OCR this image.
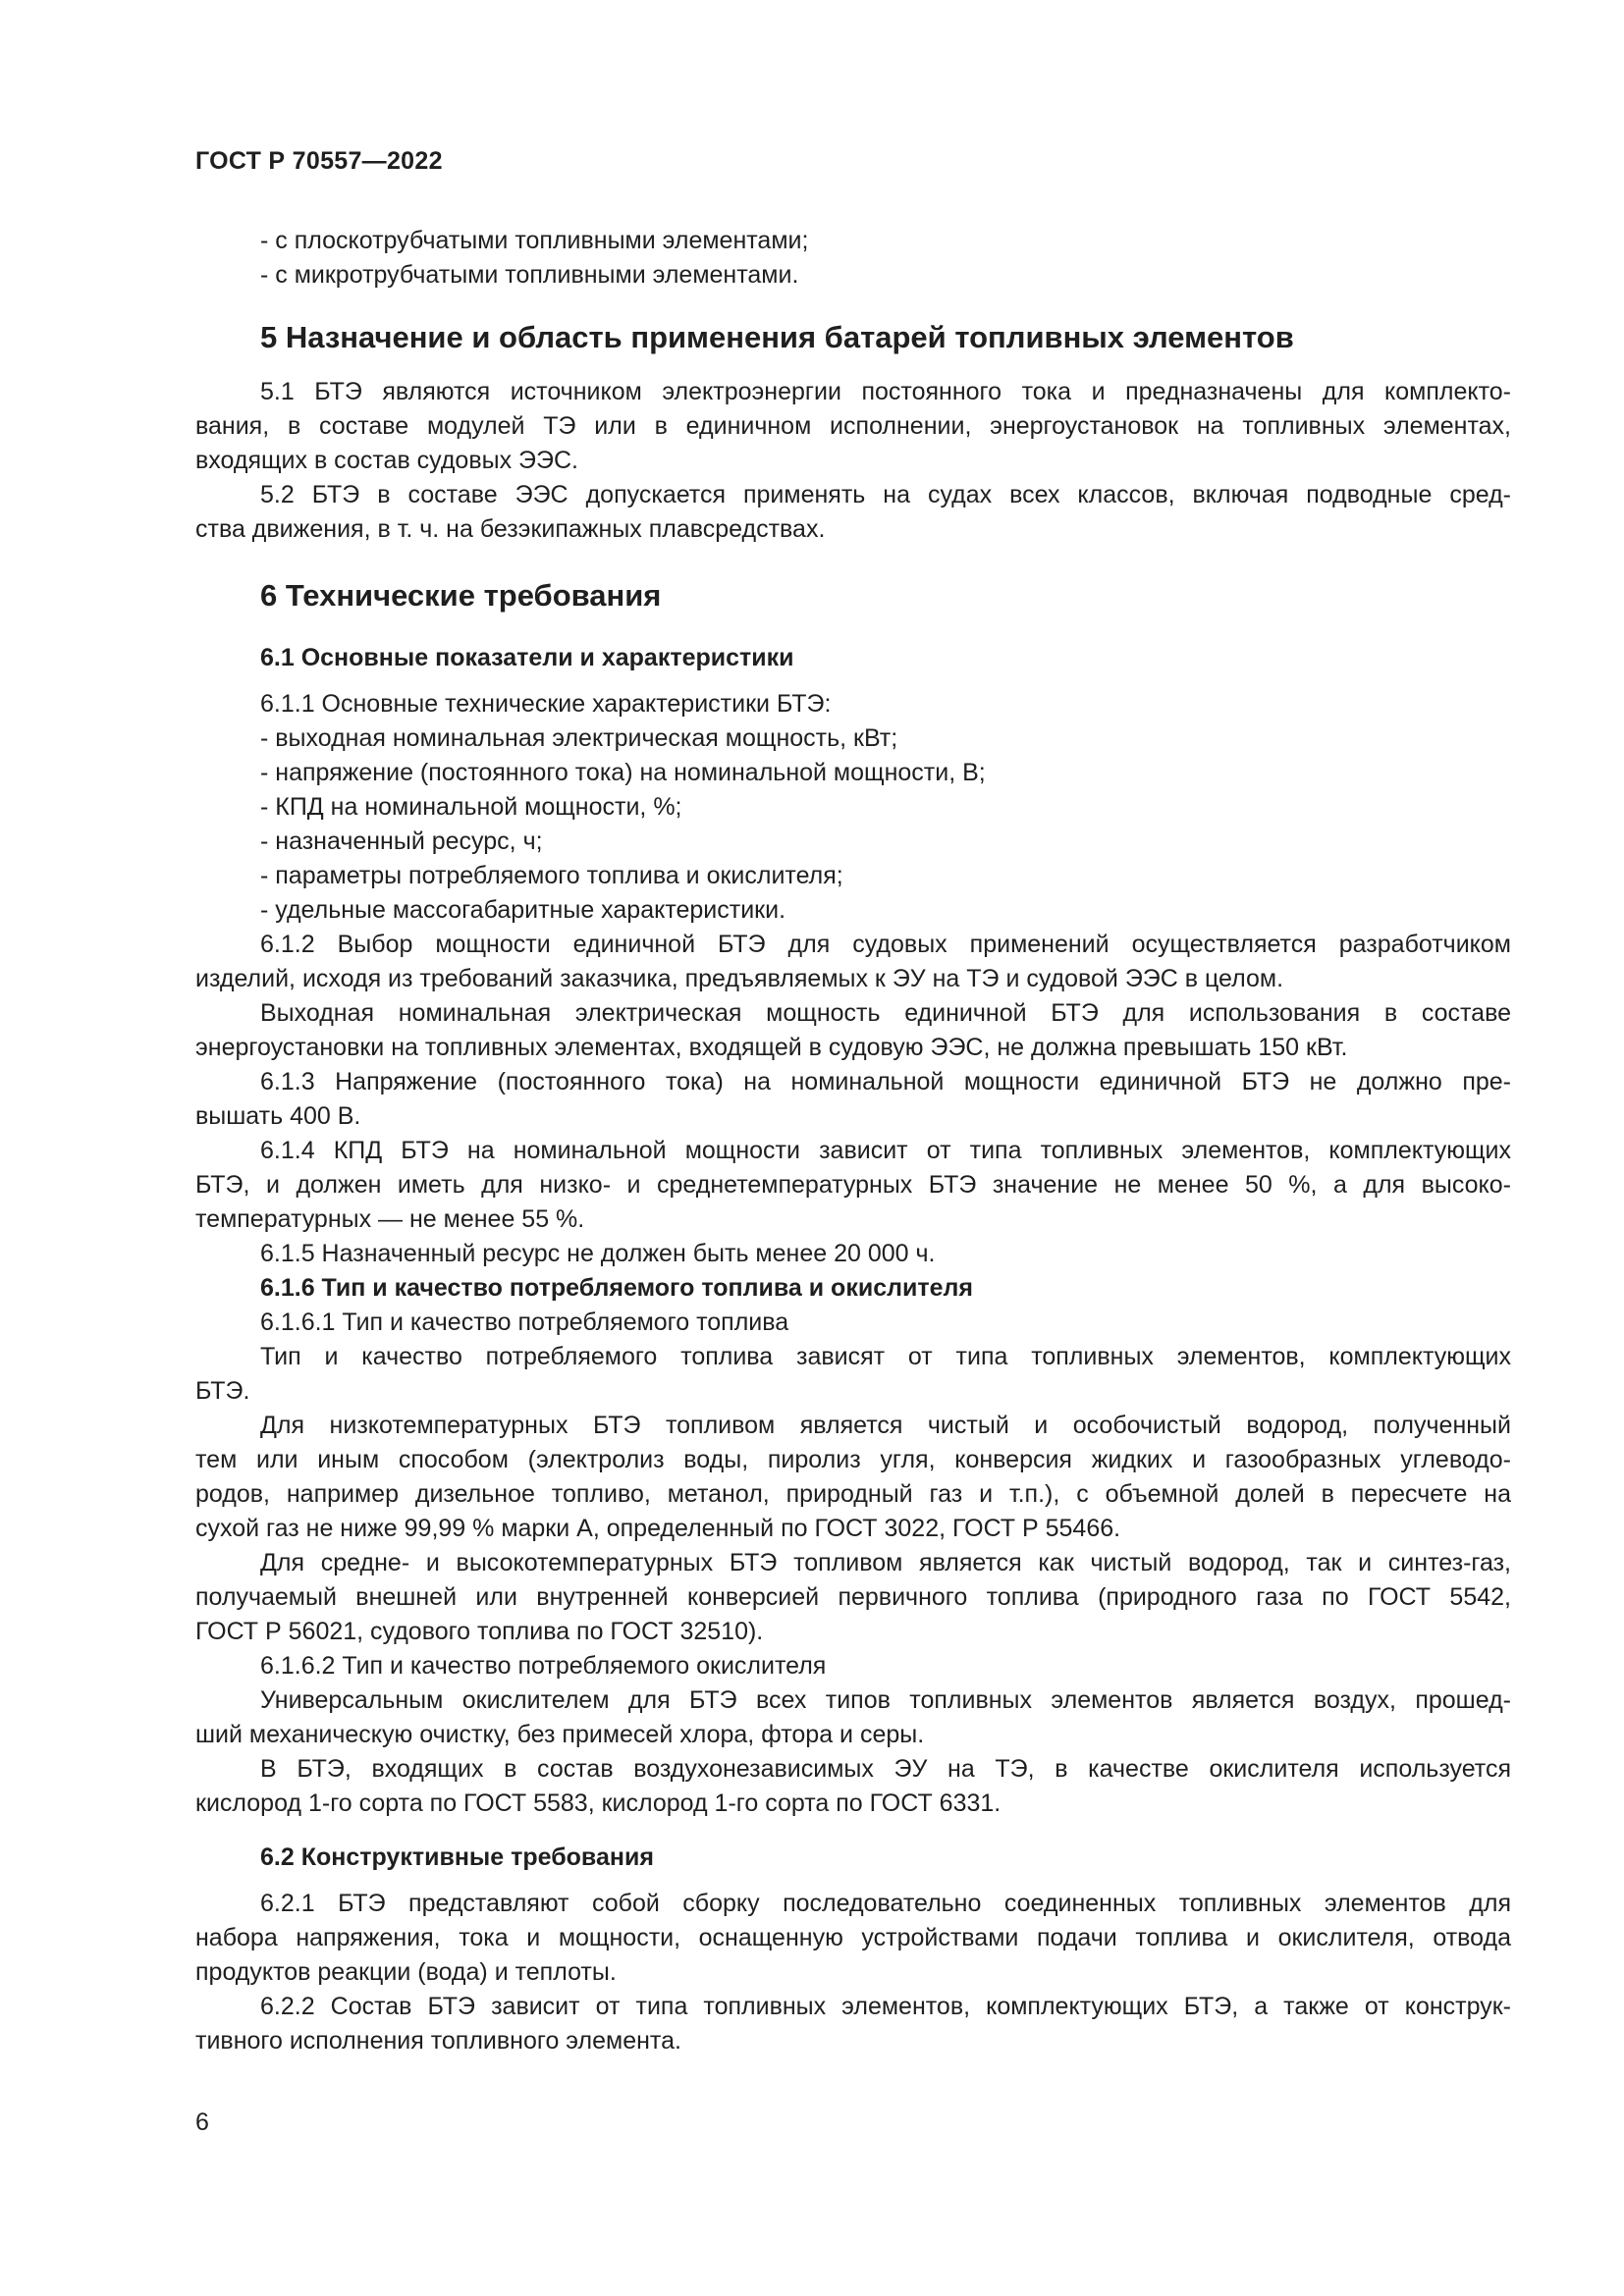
ГОСТ Р 70557—2022
- с плоскотрубчатыми топливными элементами;
- с микротрубчатыми топливными элементами.
5 Назначение и область применения батарей топливных элементов
5.1 БТЭ являются источником электроэнергии постоянного тока и предназначены для комплекто-
вания, в составе модулей ТЭ или в единичном исполнении, энергоустановок на топливных элементах,
входящих в состав судовых ЭЭС.
5.2 БТЭ в составе ЭЭС допускается применять на судах всех классов, включая подводные сред-
ства движения, в т. ч. на безэкипажных плавсредствах.
6 Технические требования
6.1 Основные показатели и характеристики
6.1.1 Основные технические характеристики БТЭ:
- выходная номинальная электрическая мощность, кВт;
- напряжение (постоянного тока) на номинальной мощности, В;
- КПД на номинальной мощности, %;
- назначенный ресурс, ч;
- параметры потребляемого топлива и окислителя;
- удельные массогабаритные характеристики.
6.1.2 Выбор мощности единичной БТЭ для судовых применений осуществляется разработчиком
изделий, исходя из требований заказчика, предъявляемых к ЭУ на ТЭ и судовой ЭЭС в целом.
Выходная номинальная электрическая мощность единичной БТЭ для использования в составе
энергоустановки на топливных элементах, входящей в судовую ЭЭС, не должна превышать 150 кВт.
6.1.3 Напряжение (постоянного тока) на номинальной мощности единичной БТЭ не должно пре-
вышать 400 В.
6.1.4 КПД БТЭ на номинальной мощности зависит от типа топливных элементов, комплектующих
БТЭ, и должен иметь для низко- и среднетемпературных БТЭ значение не менее 50 %, а для высоко-
температурных — не менее 55 %.
6.1.5 Назначенный ресурс не должен быть менее 20 000 ч.
6.1.6 Тип и качество потребляемого топлива и окислителя
6.1.6.1 Тип и качество потребляемого топлива
Тип и качество потребляемого топлива зависят от типа топливных элементов, комплектующих
БТЭ.
Для низкотемпературных БТЭ топливом является чистый и особочистый водород, полученный
тем или иным способом (электролиз воды, пиролиз угля, конверсия жидких и газообразных углеводо-
родов, например дизельное топливо, метанол, природный газ и т.п.), с объемной долей в пересчете на
сухой газ не ниже 99,99 % марки А, определенный по ГОСТ 3022, ГОСТ Р 55466.
Для средне- и высокотемпературных БТЭ топливом является как чистый водород, так и синтез-газ,
получаемый внешней или внутренней конверсией первичного топлива (природного газа по ГОСТ 5542,
ГОСТ Р 56021, судового топлива по ГОСТ 32510).
6.1.6.2 Тип и качество потребляемого окислителя
Универсальным окислителем для БТЭ всех типов топливных элементов является воздух, прошед-
ший механическую очистку, без примесей хлора, фтора и серы.
В БТЭ, входящих в состав воздухонезависимых ЭУ на ТЭ, в качестве окислителя используется
кислород 1-го сорта по ГОСТ 5583, кислород 1-го сорта по ГОСТ 6331.
6.2 Конструктивные требования
6.2.1 БТЭ представляют собой сборку последовательно соединенных топливных элементов для
набора напряжения, тока и мощности, оснащенную устройствами подачи топлива и окислителя, отвода
продуктов реакции (вода) и теплоты.
6.2.2 Состав БТЭ зависит от типа топливных элементов, комплектующих БТЭ, а также от конструк-
тивного исполнения топливного элемента.
6
